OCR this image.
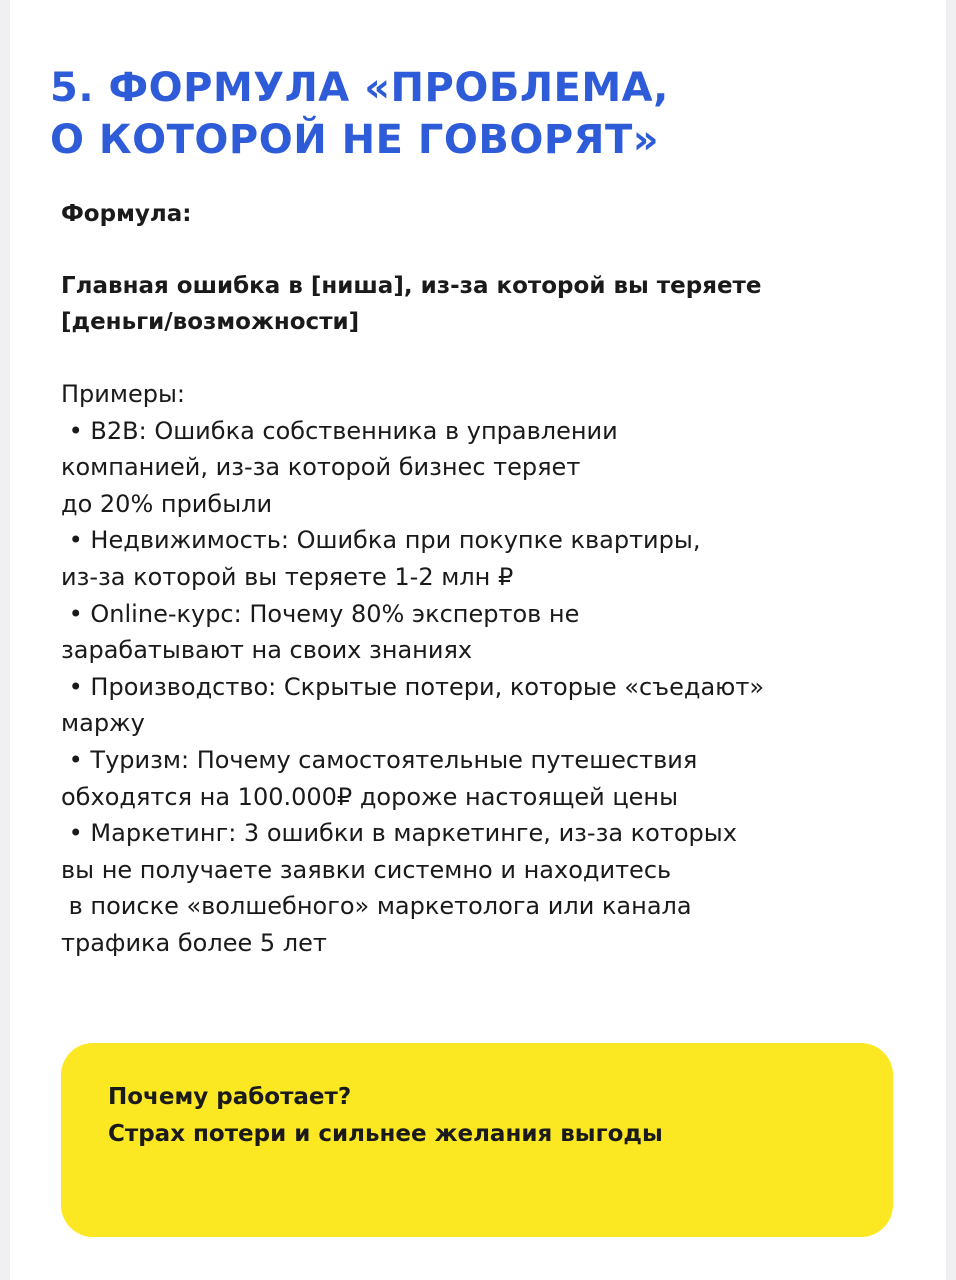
5. ФОРМУЛА «ПРОБЛЕМА,
О КОТОРОЙ НЕ ГОВОРЯТ»

Формула:

Главная ошибка в [ниша], из-за которой вы теряете
[деньги/возможности]

Примеры:
• B2B: Ошибка собственника в управлении
компанией, из-за которой бизнес теряет
до 20% прибыли
• Недвижимость: Ошибка при покупке квартиры,
из-за которой вы теряете 1-2 млн ₽
• Online-курс: Почему 80% экспертов не
зарабатывают на своих знаниях
• Производство: Скрытые потери, которые «съедают»
маржу
• Туризм: Почему самостоятельные путешествия
обходятся на 100.000₽ дороже настоящей цены
• Маркетинг: 3 ошибки в маркетинге, из-за которых
вы не получаете заявки системно и находитесь
в поиске «волшебного» маркетолога или канала
трафика более 5 лет
Почему работает?
Страх потери и сильнее желания выгоды
